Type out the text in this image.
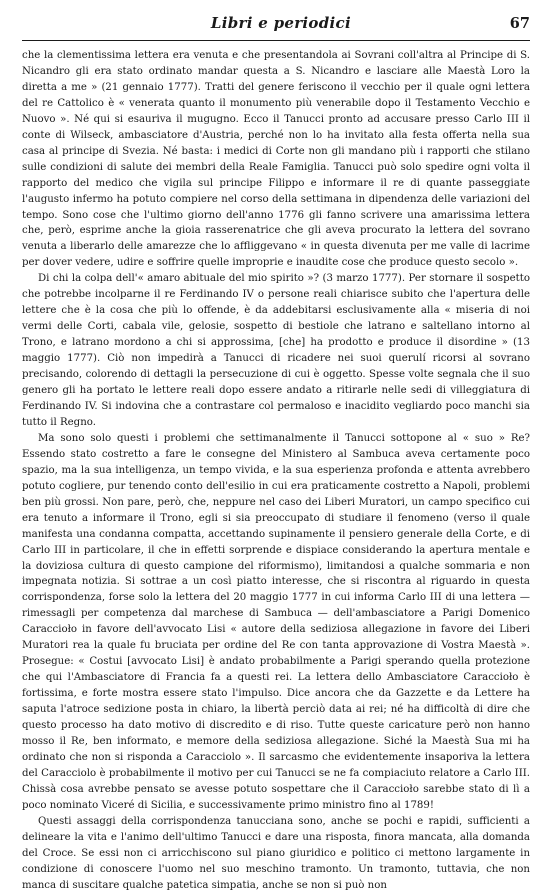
Libri e periodici	67

che la clementissima lettera era venuta e che presentandola ai Sovrani coll'altra al Principe di S. Nicandro gli era stato ordinato mandar questa a S. Nicandro e lasciare alle Maestà Loro la diretta a me » (21 gennaio 1777). Tratti del genere feriscono il vecchio per il quale ogni lettera del re Cattolico è « venerata quanto il monumento più venerabile dopo il Testamento Vecchio e Nuovo ». Né qui si esauriva il mugugno. Ecco il Tanucci pronto ad accusare presso Carlo III il conte di Wilseck, ambasciatore d'Austria, perché non lo ha invitato alla festa offerta nella sua casa al principe di Svezia. Né basta: i medici di Corte non gli mandano più i rapporti che stilano sulle condizioni di salute dei membri della Reale Famiglia. Tanucci può solo spedire ogni volta il rapporto del medico che vigila sul principe Filippo e informare il re di quante passeggiate l'augusto infermo ha potuto compiere nel corso della settimana in dipendenza delle variazioni del tempo. Sono cose che l'ultimo giorno dell'anno 1776 gli fanno scrivere una amarissima lettera che, però, esprime anche la gioia rasserenatrice che gli aveva procurato la lettera del sovrano venuta a liberarlo delle amarezze che lo affliggevano « in questa divenuta per me valle di lacrime per dover vedere, udire e soffrire quelle improprie e inaudite cose che produce questo secolo ».

Di chi la colpa dell'« amaro abituale del mio spirito »? (3 marzo 1777). Per stornare il sospetto che potrebbe incolparne il re Ferdinando IV o persone reali chiarisce subito che l'apertura delle lettere che è la cosa che più lo offende, è da addebitarsi esclusivamente alla « miseria di noi vermi delle Corti, cabala vile, gelosie, sospetto di bestiole che latrano e saltellano intorno al Trono, e latrano mordono a chi si approssima, [che] ha prodotto e produce il disordine » (13 maggio 1777). Ciò non impedirà a Tanucci di ricadere nei suoi querulí ricorsi al sovrano precisando, colorendo di dettagli la persecuzione di cui è oggetto. Spesse volte segnala che il suo genero gli ha portato le lettere reali dopo essere andato a ritirarle nelle sedi di villeggiatura di Ferdinando IV. Si indovina che a contrastare col permaloso e inacidito vegliardo poco manchi sia tutto il Regno.

Ma sono solo questi i problemi che settimanalmente il Tanucci sottopone al « suo » Re? Essendo stato costretto a fare le consegne del Ministero al Sambuca aveva certamente poco spazio, ma la sua intelligenza, un tempo vivida, e la sua esperienza profonda e attenta avrebbero potuto cogliere, pur tenendo conto dell'esilio in cui era praticamente costretto a Napoli, problemi ben più grossi. Non pare, però, che, neppure nel caso dei Liberi Muratori, un campo specifico cui era tenuto a informare il Trono, egli si sia preoccupato di studiare il fenomeno (verso il quale manifesta una condanna compatta, accettando supinamente il pensiero generale della Corte, e di Carlo III in particolare, il che in effetti sorprende e dispiace considerando la apertura mentale e la doviziosa cultura di questo campione del riformismo), limitandosi a qualche sommaria e non impegnata notizia. Si sottrae a un così piatto interesse, che si riscontra al riguardo in questa corrispondenza, forse solo la lettera del 20 maggio 1777 in cui informa Carlo III di una lettera — rimessagli per competenza dal marchese di Sambuca — dell'ambasciatore a Parigi Domenico Caraccioło in favore dell'avvocato Lisi « autore della sediziosa allegazione in favore dei Liberi Muratori rea la quale fu bruciata per ordine del Re con tanta approvazione di Vostra Maestà ». Prosegue: « Costui [avvocato Lisi] è andato probabilmente a Parigi sperando quella protezione che qui l'Ambasciatore di Francia fa a questi rei. La lettera dello Ambasciatore Caraccioło è fortissima, e forte mostra essere stato l'impulso. Dice ancora che da Gazzette e da Lettere ha saputa l'atroce sedizione posta in chiaro, la libertà perciò data ai rei; né ha difficoltà di dire che questo processo ha dato motivo di discredito e di riso. Tutte queste caricature però non hanno mosso il Re, ben informato, e memore della sediziosa allegazione. Siché la Maestà Sua mi ha ordinato che non si risponda a Caracciolo ». Il sarcasmo che evidentemente insaporiva la lettera del Caracciolo è probabilmente il motivo per cui Tanucci se ne fa compiaciuto relatore a Carlo III. Chissà cosa avrebbe pensato se avesse potuto sospettare che il Caraccioło sarebbe stato di lì a poco nominato Viceré di Sicilia, e successivamente primo ministro fino al 1789!

Questi assaggi della corrispondenza tanucciana sono, anche se pochi e rapidi, sufficienti a delineare la vita e l'animo dell'ultimo Tanucci e dare una risposta, finora mancata, alla domanda del Croce. Se essi non ci arricchiscono sul piano giuridico e politico ci mettono largamente in condizione di conoscere l'uomo nel suo meschino tramonto. Un tramonto, tuttavia, che non manca di suscitare qualche patetica simpatia, anche se non si può non
